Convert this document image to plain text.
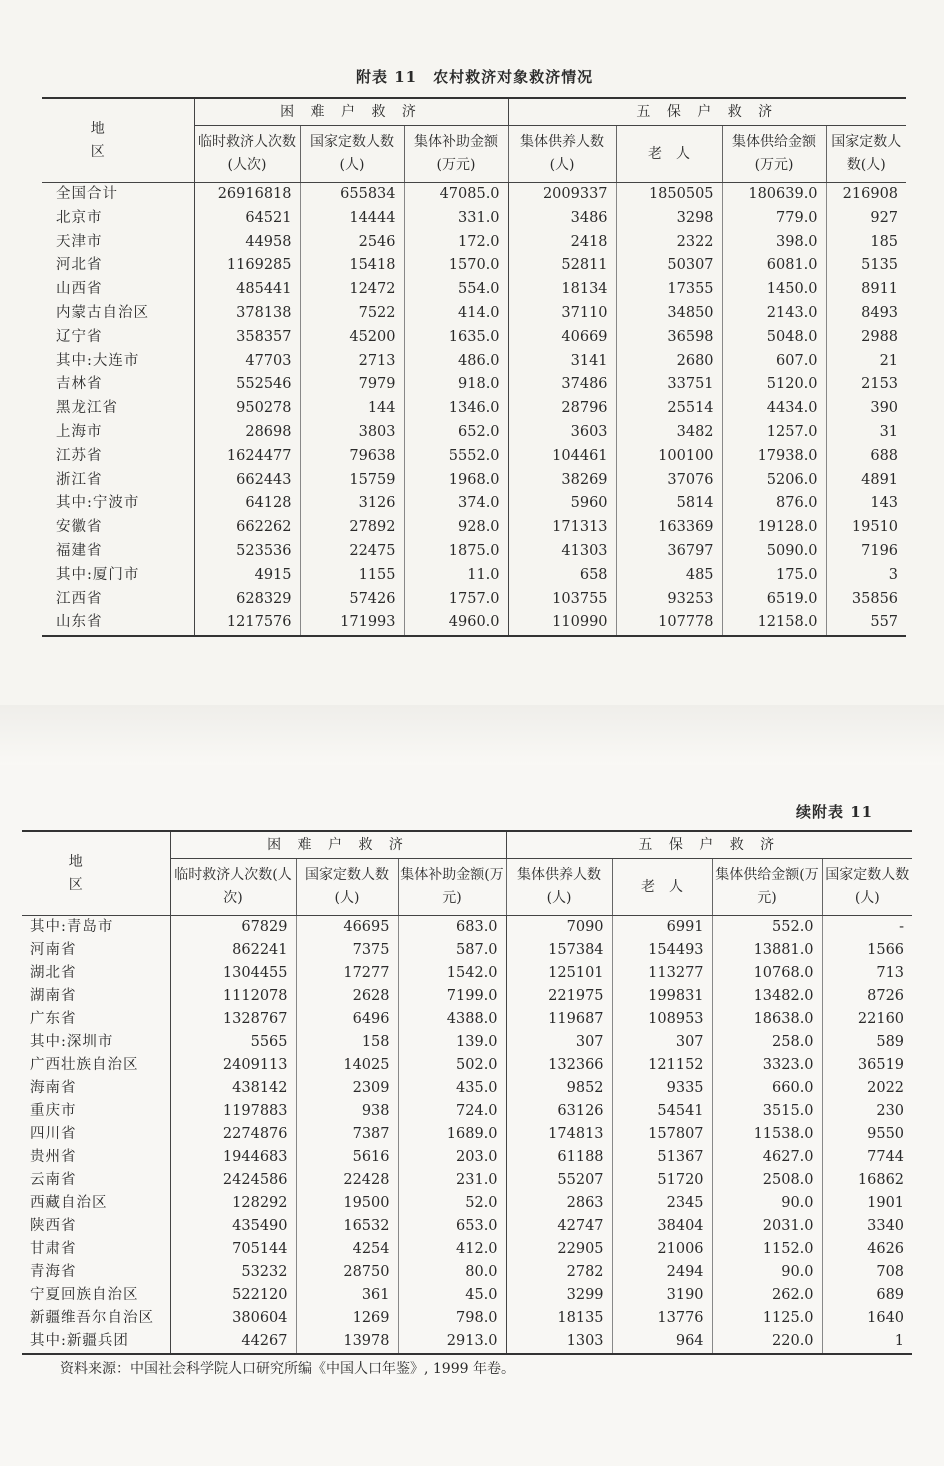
附表 11　农村救济对象救济情况
地　区	困 难 户 救 济			五 保 户 救 济			
	临时救济人次数(人次)	国家定数人数(人)	集体补助金额(万元)	集体供养人数(人)	老　人	集体供给金额(万元)	国家定数人数(人)
全国合计	26916818	655834	47085.0	2009337	1850505	180639.0	216908
北京市	64521	14444	331.0	3486	3298	779.0	927
天津市	44958	2546	172.0	2418	2322	398.0	185
河北省	1169285	15418	1570.0	52811	50307	6081.0	5135
山西省	485441	12472	554.0	18134	17355	1450.0	8911
内蒙古自治区	378138	7522	414.0	37110	34850	2143.0	8493
辽宁省	358357	45200	1635.0	40669	36598	5048.0	2988
其中:大连市	47703	2713	486.0	3141	2680	607.0	21
吉林省	552546	7979	918.0	37486	33751	5120.0	2153
黑龙江省	950278	144	1346.0	28796	25514	4434.0	390
上海市	28698	3803	652.0	3603	3482	1257.0	31
江苏省	1624477	79638	5552.0	104461	100100	17938.0	688
浙江省	662443	15759	1968.0	38269	37076	5206.0	4891
其中:宁波市	64128	3126	374.0	5960	5814	876.0	143
安徽省	662262	27892	928.0	171313	163369	19128.0	19510
福建省	523536	22475	1875.0	41303	36797	5090.0	7196
其中:厦门市	4915	1155	11.0	658	485	175.0	3
江西省	628329	57426	1757.0	103755	93253	6519.0	35856
山东省	1217576	171993	4960.0	110990	107778	12158.0	557
续附表 11
地　区	困 难 户 救 济			五 保 户 救 济			
	临时救济人次数(人次)	国家定数人数(人)	集体补助金额(万元)	集体供养人数(人)	老　人	集体供给金额(万元)	国家定数人数(人)
其中:青岛市	67829	46695	683.0	7090	6991	552.0	-
河南省	862241	7375	587.0	157384	154493	13881.0	1566
湖北省	1304455	17277	1542.0	125101	113277	10768.0	713
湖南省	1112078	2628	7199.0	221975	199831	13482.0	8726
广东省	1328767	6496	4388.0	119687	108953	18638.0	22160
其中:深圳市	5565	158	139.0	307	307	258.0	589
广西壮族自治区	2409113	14025	502.0	132366	121152	3323.0	36519
海南省	438142	2309	435.0	9852	9335	660.0	2022
重庆市	1197883	938	724.0	63126	54541	3515.0	230
四川省	2274876	7387	1689.0	174813	157807	11538.0	9550
贵州省	1944683	5616	203.0	61188	51367	4627.0	7744
云南省	2424586	22428	231.0	55207	51720	2508.0	16862
西藏自治区	128292	19500	52.0	2863	2345	90.0	1901
陕西省	435490	16532	653.0	42747	38404	2031.0	3340
甘肃省	705144	4254	412.0	22905	21006	1152.0	4626
青海省	53232	28750	80.0	2782	2494	90.0	708
宁夏回族自治区	522120	361	45.0	3299	3190	262.0	689
新疆维吾尔自治区	380604	1269	798.0	18135	13776	1125.0	1640
其中:新疆兵团	44267	13978	2913.0	1303	964	220.0	1
资料来源：中国社会科学院人口研究所编《中国人口年鉴》, 1999 年卷。
